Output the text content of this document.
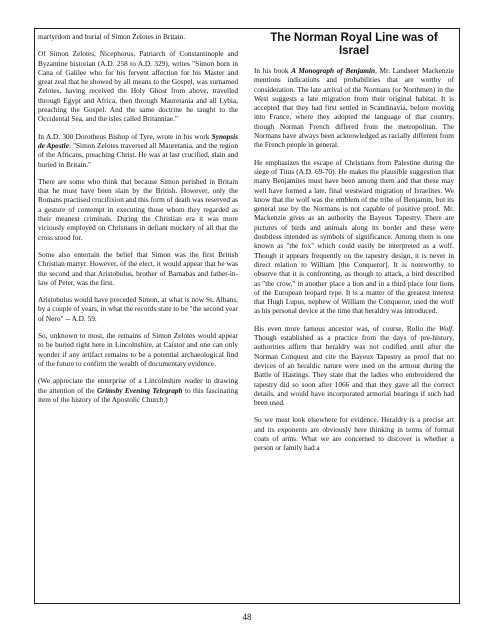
martyrdom and burial of Simon Zelotes in Britain.

Of Simon Zelotes, Nicephorus, Patriarch of Constantinople and Byzantine historian (A.D. 258 to A.D. 329), writes "Simon born in Cana of Galilee who for his fervent affection for his Master and great zeal that he showed by all means to the Gospel, was surnamed Zelotes, having received the Holy Ghost from above, travelled through Egypt and Africa, then through Mauretania and all Lybia, preaching the Gospel. And the same doctrine he taught to the Occidental Sea, and the isles called Britanniae."

In A.D. 300 Dorotheus Bishop of Tyre, wrote in his work Synopsis de Apostle: "Simon Zelotes traversed all Mauretania, and the region of the Africans, preaching Christ. He was at last crucified, slain and buried in Britain."

There are some who think that because Simon perished in Britain that he must have been slain by the British. However, only the Romans practised crucifixion and this form of death was reserved as a gesture of contempt in executing those whom they regarded as their meanest criminals. During the Christian era it was more viciously employed on Christians in defiant mockery of all that the cross stood for.

Some also entertain the belief that Simon was the first British Christian martyr. However, of the elect, it would appear that he was the second and that Aristobulus, brother of Barnabas and father-in-law of Peter, was the first.

Aristobulus would have preceded Simon, at what is now St. Albans, by a couple of years, in what the records state to be "the second year of Nero" -- A.D. 59.

So, unknown to most, the remains of Simon Zelotes would appear to be buried right here in Lincolnshire, at Caistor and one can only wonder if any artifact remains to be a potential archaeological find of the future to confirm the wealth of documentary evidence.

(We appreciate the enterprise of a Lincolnshire reader in drawing the attention of the Grimsby Evening Telegraph to this fascinating item of the history of the Apostolic Church.)

The Norman Royal Line was of Israel

In his book A Monograph of Benjamin, Mr. Landseer Mackenzie mentions indications and probabilities that are worthy of consideration. The late arrival of the Normans (or Northmen) in the West suggests a late migration from their original habitat. It is accepted that they had first settled in Scandinavia, before moving into France, where they adopted the language of that country, though Norman French differed from the metropolitan. The Normans have always been acknowledged as racially different from the French people in general.

He emphasizes the escape of Christians from Palestine during the siege of Titus (A.D. 69-70). He makes the plausible suggestion that many Benjamites must have been among them and that these may well have formed a late, final westward migration of Israelites. We know that the wolf was the emblem of the tribe of Benjamin, but its general use by the Normans is not capable of positive proof. Mr. Mackenzie gives as an authority the Bayeux Tapestry. There are pictures of birds and animals along its border and these were doubtless intended as symbols of significance. Among them is one known as "the fox" which could easily be interpreted as a wolf. Though it appears frequently on the tapestry design, it is never in direct relation to William [the Conqueror]. It is noteworthy to observe that it is confronting, as though to attack, a bird described as "the crow," in another place a lion and in a third place four lions of the European leopard type. It is a matter of the greatest interest that Hugh Lupus, nephew of William the Conqueror, used the wolf as his personal device at the time that heraldry was introduced.

His even more famous ancestor was, of course, Rollo the Wolf. Though established as a practice from the days of pre-history, authorities affirm that heraldry was not codified until after the Norman Conquest and cite the Bayeux Tapestry as proof that no devices of an heraldic nature were used on the armour during the Battle of Hastings. They state that the ladies who embroidered the tapestry did so soon after 1066 and that they gave all the correct details, and would have incorporated armorial bearings if such had been used.

So we must look elsewhere for evidence. Heraldry is a precise art and its exponents are obviously here thinking in terms of formal coats of arms. What we are concerned to discover is whether a person or family had a

48
